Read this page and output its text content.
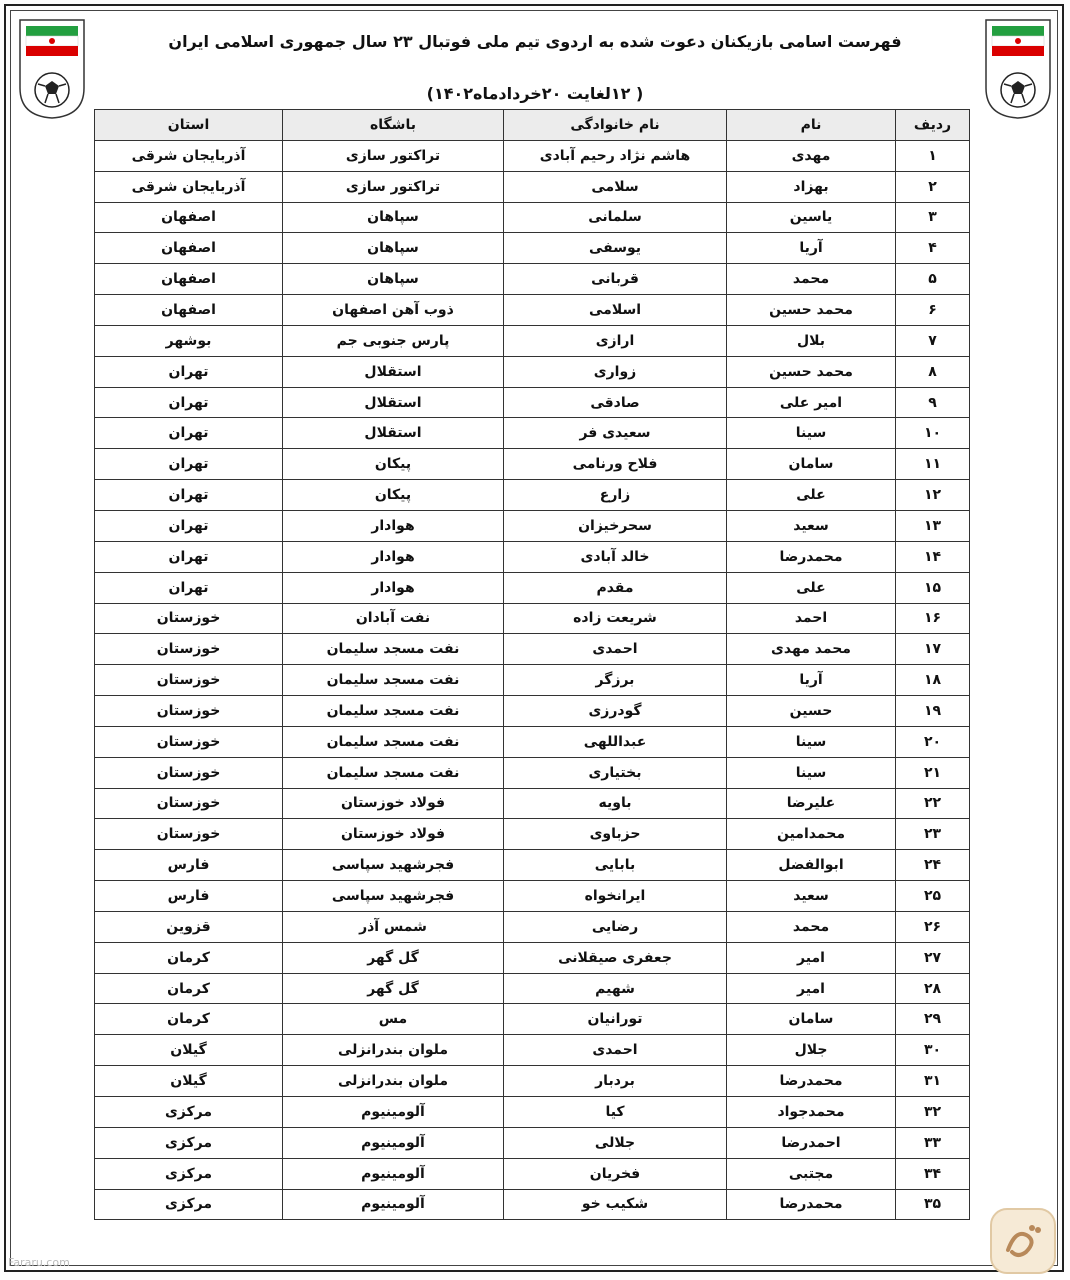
فهرست اسامی بازیکنان دعوت شده به اردوی تیم ملی فوتبال ۲۳ سال جمهوری اسلامی ایران
( ۱۲لغایت ۲۰خردادماه۱۴۰۲)
ردیف	نام	نام خانوادگی	باشگاه	استان
۱	مهدی	هاشم نژاد رحیم آبادی	تراکتور سازی	آذربایجان شرقی
۲	بهزاد	سلامی	تراکتور سازی	آذربایجان شرقی
۳	یاسین	سلمانی	سپاهان	اصفهان
۴	آریا	یوسفی	سپاهان	اصفهان
۵	محمد	قربانی	سپاهان	اصفهان
۶	محمد حسین	اسلامی	ذوب آهن اصفهان	اصفهان
۷	بلال	ارازی	پارس جنوبی جم	بوشهر
۸	محمد حسین	زواری	استقلال	تهران
۹	امیر علی	صادقی	استقلال	تهران
۱۰	سینا	سعیدی فر	استقلال	تهران
۱۱	سامان	فلاح ورنامی	پیکان	تهران
۱۲	علی	زارع	پیکان	تهران
۱۳	سعید	سحرخیزان	هوادار	تهران
۱۴	محمدرضا	خالد آبادی	هوادار	تهران
۱۵	علی	مقدم	هوادار	تهران
۱۶	احمد	شریعت زاده	نفت آبادان	خوزستان
۱۷	محمد مهدی	احمدی	نفت مسجد سلیمان	خوزستان
۱۸	آریا	برزگر	نفت مسجد سلیمان	خوزستان
۱۹	حسین	گودرزی	نفت مسجد سلیمان	خوزستان
۲۰	سینا	عبداللهی	نفت مسجد سلیمان	خوزستان
۲۱	سینا	بختیاری	نفت مسجد سلیمان	خوزستان
۲۲	علیرضا	باویه	فولاد خوزستان	خوزستان
۲۳	محمدامین	حزباوی	فولاد خوزستان	خوزستان
۲۴	ابوالفضل	بابایی	فجرشهید سپاسی	فارس
۲۵	سعید	ایرانخواه	فجرشهید سپاسی	فارس
۲۶	محمد	رضایی	شمس آذر	قزوین
۲۷	امیر	جعفری صیقلانی	گل گهر	کرمان
۲۸	امیر	شهیم	گل گهر	کرمان
۲۹	سامان	تورانیان	مس	کرمان
۳۰	جلال	احمدی	ملوان بندرانزلی	گیلان
۳۱	محمدرضا	بردبار	ملوان بندرانزلی	گیلان
۳۲	محمدجواد	کیا	آلومینیوم	مرکزی
۳۳	احمدرضا	جلالی	آلومینیوم	مرکزی
۳۴	مجتبی	فخریان	آلومینیوم	مرکزی
۳۵	محمدرضا	شکیب خو	آلومینیوم	مرکزی
Fararu.com
